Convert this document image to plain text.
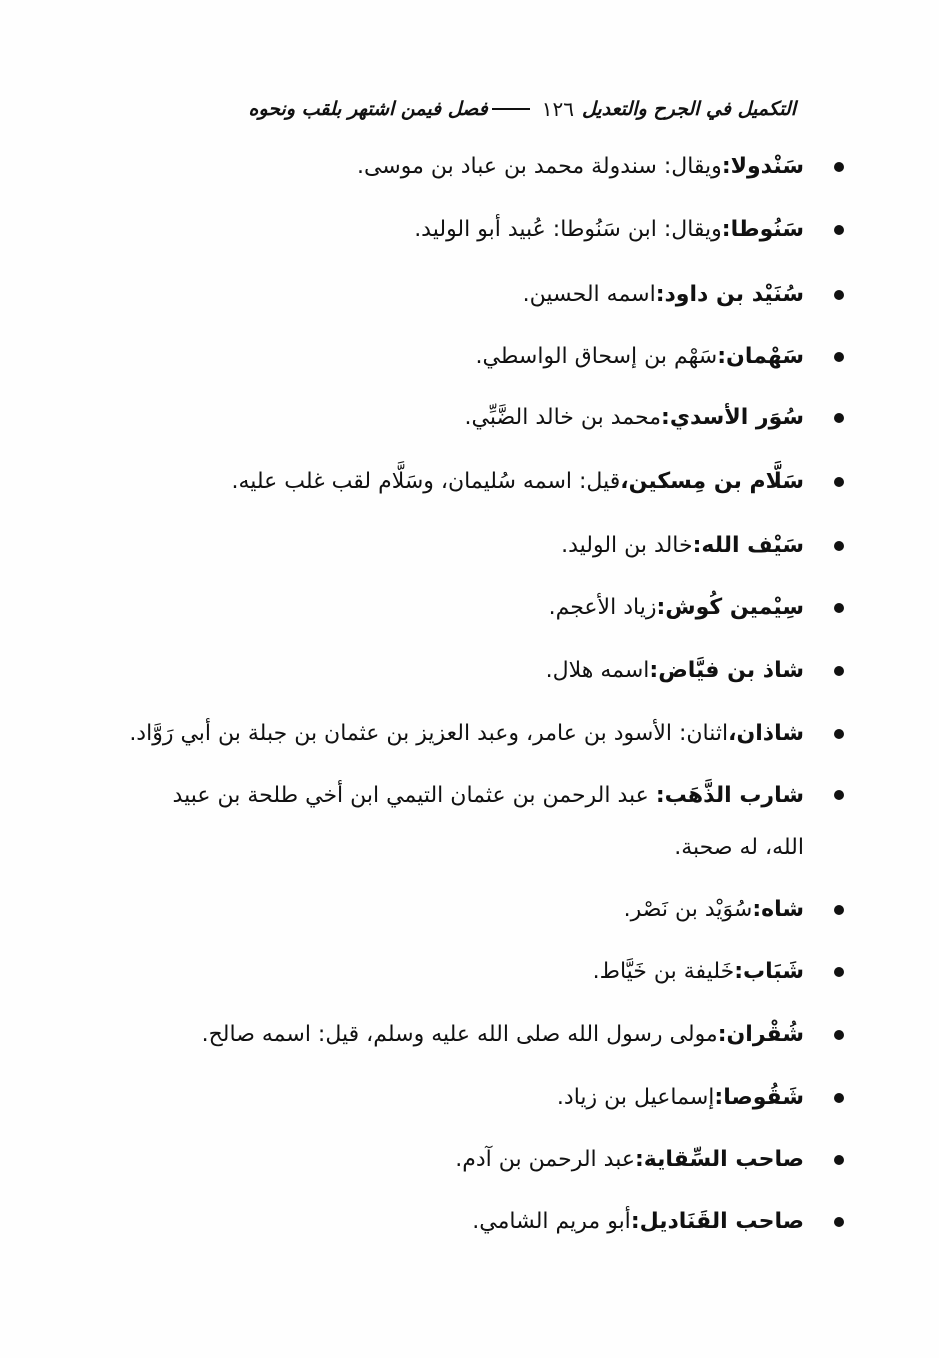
التكميل في الجرح والتعديل
١٢٦
فصل فيمن اشتهر بلقب ونحوه
سَنْدولا:
ويقال: سندولة محمد بن عباد بن موسى.
سَنُوطا:
ويقال: ابن سَنُوطا: عُبيد أبو الوليد.
سُنَيْد بن داود:
اسمه الحسين.
سَهْمان:
سَهْم بن إسحاق الواسطي.
سُوَر الأسدي:
محمد بن خالد الضَّبِّي.
سَلَّام بن مِسكين،
قيل: اسمه سُليمان، وسَلَّام لقب غلب عليه.
سَيْف الله:
خالد بن الوليد.
سِيْمين كُوش:
زياد الأعجم.
شاذ بن فيَّاض:
اسمه هلال.
شاذان،
اثنان: الأسود بن عامر، وعبد العزيز بن عثمان بن جبلة بن أبي رَوَّاد.
شارب الذَّهَب: عبد الرحمن بن عثمان التيمي ابن أخي طلحة بن عبيد الله، له صحبة.
شاه:
سُوَيْد بن نَصْر.
شَبَاب:
خَليفة بن خَيَّاط.
شُقْران:
مولى رسول الله صلى الله عليه وسلم، قيل: اسمه صالح.
شَقُوصا:
إسماعيل بن زياد.
صاحب السِّقاية:
عبد الرحمن بن آدم.
صاحب القَنَاديل:
أبو مريم الشامي.
